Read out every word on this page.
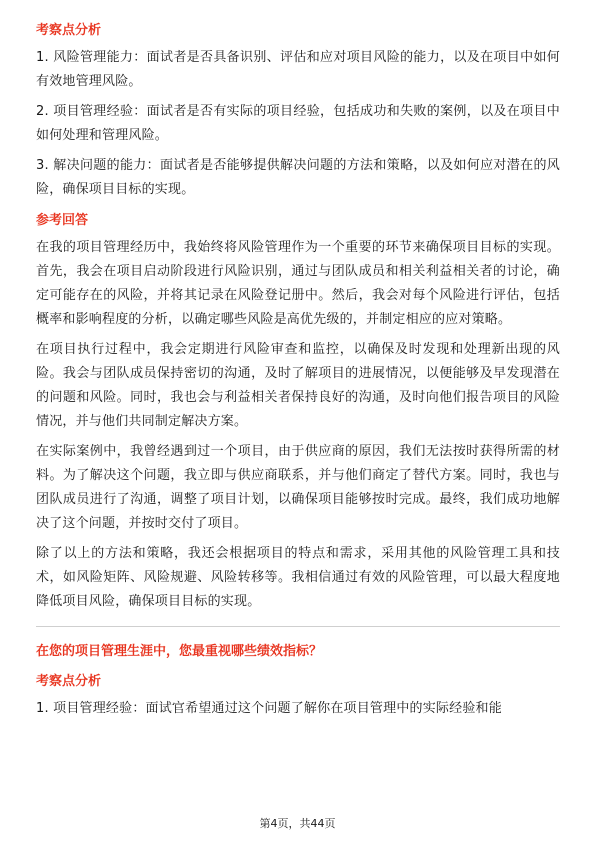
考察点分析

1. 风险管理能力：面试者是否具备识别、评估和应对项目风险的能力，以及在项目中如何有效地管理风险。

2. 项目管理经验：面试者是否有实际的项目经验，包括成功和失败的案例，以及在项目中如何处理和管理风险。

3. 解决问题的能力：面试者是否能够提供解决问题的方法和策略，以及如何应对潜在的风险，确保项目目标的实现。

参考回答

在我的项目管理经历中，我始终将风险管理作为一个重要的环节来确保项目目标的实现。首先，我会在项目启动阶段进行风险识别，通过与团队成员和相关利益相关者的讨论，确定可能存在的风险，并将其记录在风险登记册中。然后，我会对每个风险进行评估，包括概率和影响程度的分析，以确定哪些风险是高优先级的，并制定相应的应对策略。

在项目执行过程中，我会定期进行风险审查和监控，以确保及时发现和处理新出现的风险。我会与团队成员保持密切的沟通，及时了解项目的进展情况，以便能够及早发现潜在的问题和风险。同时，我也会与利益相关者保持良好的沟通，及时向他们报告项目的风险情况，并与他们共同制定解决方案。

在实际案例中，我曾经遇到过一个项目，由于供应商的原因，我们无法按时获得所需的材料。为了解决这个问题，我立即与供应商联系，并与他们商定了替代方案。同时，我也与团队成员进行了沟通，调整了项目计划，以确保项目能够按时完成。最终，我们成功地解决了这个问题，并按时交付了项目。

除了以上的方法和策略，我还会根据项目的特点和需求，采用其他的风险管理工具和技术，如风险矩阵、风险规避、风险转移等。我相信通过有效的风险管理，可以最大程度地降低项目风险，确保项目目标的实现。

在您的项目管理生涯中，您最重视哪些绩效指标？
考察点分析

1. 项目管理经验：面试官希望通过这个问题了解你在项目管理中的实际经验和能

第4页，共44页
